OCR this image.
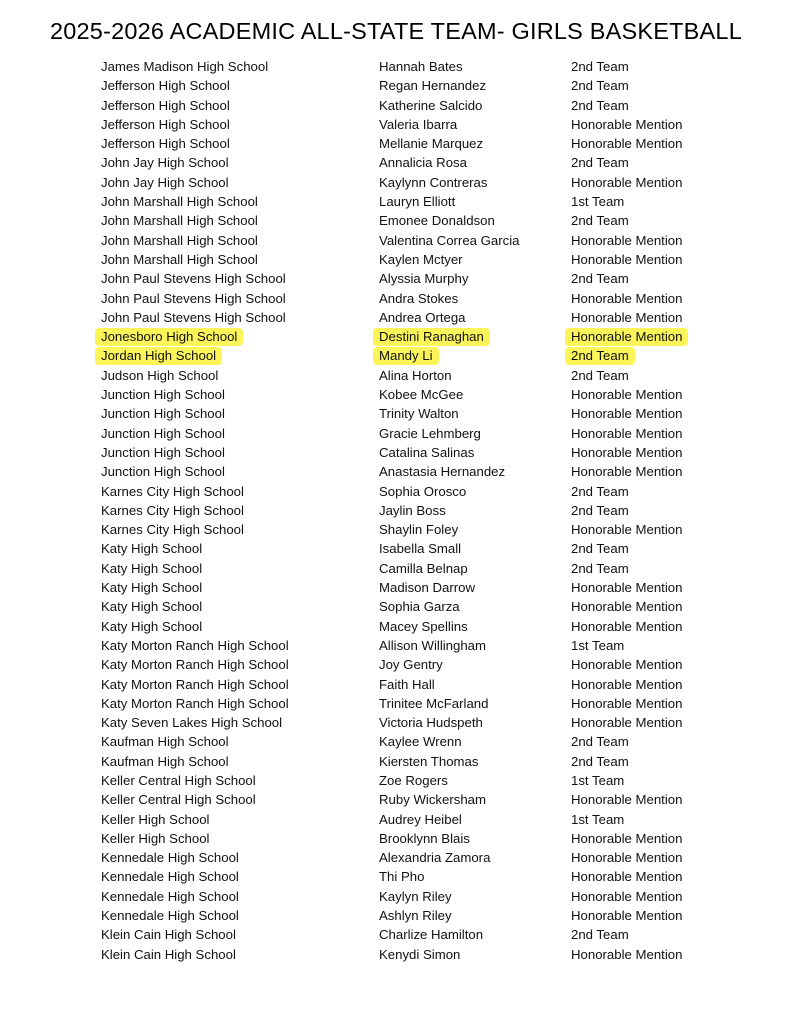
2025-2026 ACADEMIC ALL-STATE TEAM- GIRLS BASKETBALL
James Madison High School	Hannah Bates	2nd Team
Jefferson High School	Regan Hernandez	2nd Team
Jefferson High School	Katherine Salcido	2nd Team
Jefferson High School	Valeria Ibarra	Honorable Mention
Jefferson High School	Mellanie Marquez	Honorable Mention
John Jay High School	Annalicia Rosa	2nd Team
John Jay High School	Kaylynn Contreras	Honorable Mention
John Marshall High School	Lauryn Elliott	1st Team
John Marshall High School	Emonee Donaldson	2nd Team
John Marshall High School	Valentina Correa Garcia	Honorable Mention
John Marshall High School	Kaylen Mctyer	Honorable Mention
John Paul Stevens High School	Alyssia Murphy	2nd Team
John Paul Stevens High School	Andra Stokes	Honorable Mention
John Paul Stevens High School	Andrea Ortega	Honorable Mention
Jonesboro High School	Destini Ranaghan	Honorable Mention
Jordan High School	Mandy Li	2nd Team
Judson High School	Alina Horton	2nd Team
Junction High School	Kobee McGee	Honorable Mention
Junction High School	Trinity Walton	Honorable Mention
Junction High School	Gracie Lehmberg	Honorable Mention
Junction High School	Catalina Salinas	Honorable Mention
Junction High School	Anastasia Hernandez	Honorable Mention
Karnes City High School	Sophia Orosco	2nd Team
Karnes City High School	Jaylin Boss	2nd Team
Karnes City High School	Shaylin Foley	Honorable Mention
Katy High School	Isabella Small	2nd Team
Katy High School	Camilla Belnap	2nd Team
Katy High School	Madison Darrow	Honorable Mention
Katy High School	Sophia Garza	Honorable Mention
Katy High School	Macey Spellins	Honorable Mention
Katy Morton Ranch High School	Allison Willingham	1st Team
Katy Morton Ranch High School	Joy Gentry	Honorable Mention
Katy Morton Ranch High School	Faith Hall	Honorable Mention
Katy Morton Ranch High School	Trinitee McFarland	Honorable Mention
Katy Seven Lakes High School	Victoria Hudspeth	Honorable Mention
Kaufman High School	Kaylee Wrenn	2nd Team
Kaufman High School	Kiersten Thomas	2nd Team
Keller Central High School	Zoe Rogers	1st Team
Keller Central High School	Ruby Wickersham	Honorable Mention
Keller High School	Audrey Heibel	1st Team
Keller High School	Brooklynn Blais	Honorable Mention
Kennedale High School	Alexandria Zamora	Honorable Mention
Kennedale High School	Thi Pho	Honorable Mention
Kennedale High School	Kaylyn Riley	Honorable Mention
Kennedale High School	Ashlyn Riley	Honorable Mention
Klein Cain High School	Charlize Hamilton	2nd Team
Klein Cain High School	Kenydi Simon	Honorable Mention
